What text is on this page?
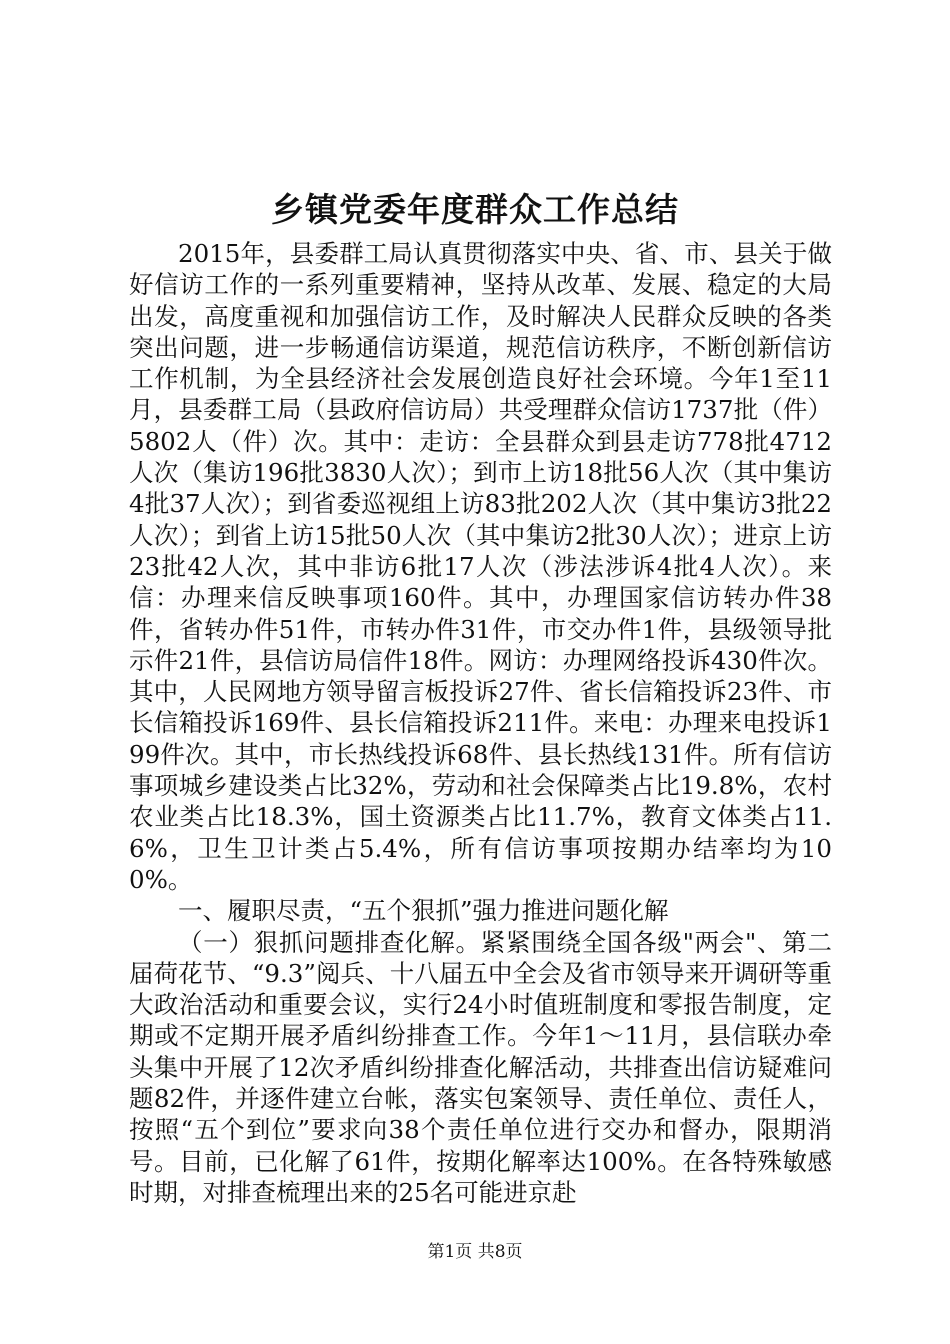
乡镇党委年度群众工作总结

2015年，县委群工局认真贯彻落实中央、省、市、县关于做好信访工作的一系列重要精神，坚持从改革、发展、稳定的大局出发，高度重视和加强信访工作，及时解决人民群众反映的各类突出问题，进一步畅通信访渠道，规范信访秩序，不断创新信访工作机制，为全县经济社会发展创造良好社会环境。今年1至11月，县委群工局（县政府信访局）共受理群众信访1737批（件）5802人（件）次。其中：走访：全县群众到县走访778批4712人次（集访196批3830人次）；到市上访18批56人次（其中集访4批37人次）；到省委巡视组上访83批202人次（其中集访3批22人次）；到省上访15批50人次（其中集访2批30人次）；进京上访23批42人次，其中非访6批17人次（涉法涉诉4批4人次）。来信：办理来信反映事项160件。其中，办理国家信访转办件38件，省转办件51件，市转办件31件，市交办件1件，县级领导批示件21件，县信访局信件18件。网访：办理网络投诉430件次。其中，人民网地方领导留言板投诉27件、省长信箱投诉23件、市长信箱投诉169件、县长信箱投诉211件。来电：办理来电投诉199件次。其中，市长热线投诉68件、县长热线131件。所有信访事项城乡建设类占比32%，劳动和社会保障类占比19.8%，农村农业类占比18.3%，国土资源类占比11.7%，教育文体类占11.6%，卫生卫计类占5.4%，所有信访事项按期办结率均为100%。

一、履职尽责，“五个狠抓”强力推进问题化解

（一）狠抓问题排查化解。紧紧围绕全国各级"两会"、第二届荷花节、“9.3”阅兵、十八届五中全会及省市领导来开调研等重大政治活动和重要会议，实行24小时值班制度和零报告制度，定期或不定期开展矛盾纠纷排查工作。今年1～11月，县信联办牵头集中开展了12次矛盾纠纷排查化解活动，共排查出信访疑难问题82件，并逐件建立台帐，落实包案领导、责任单位、责任人，按照“五个到位”要求向38个责任单位进行交办和督办，限期消号。目前，已化解了61件，按期化解率达100%。在各特殊敏感时期，对排查梳理出来的25名可能进京赴

第1页 共8页
